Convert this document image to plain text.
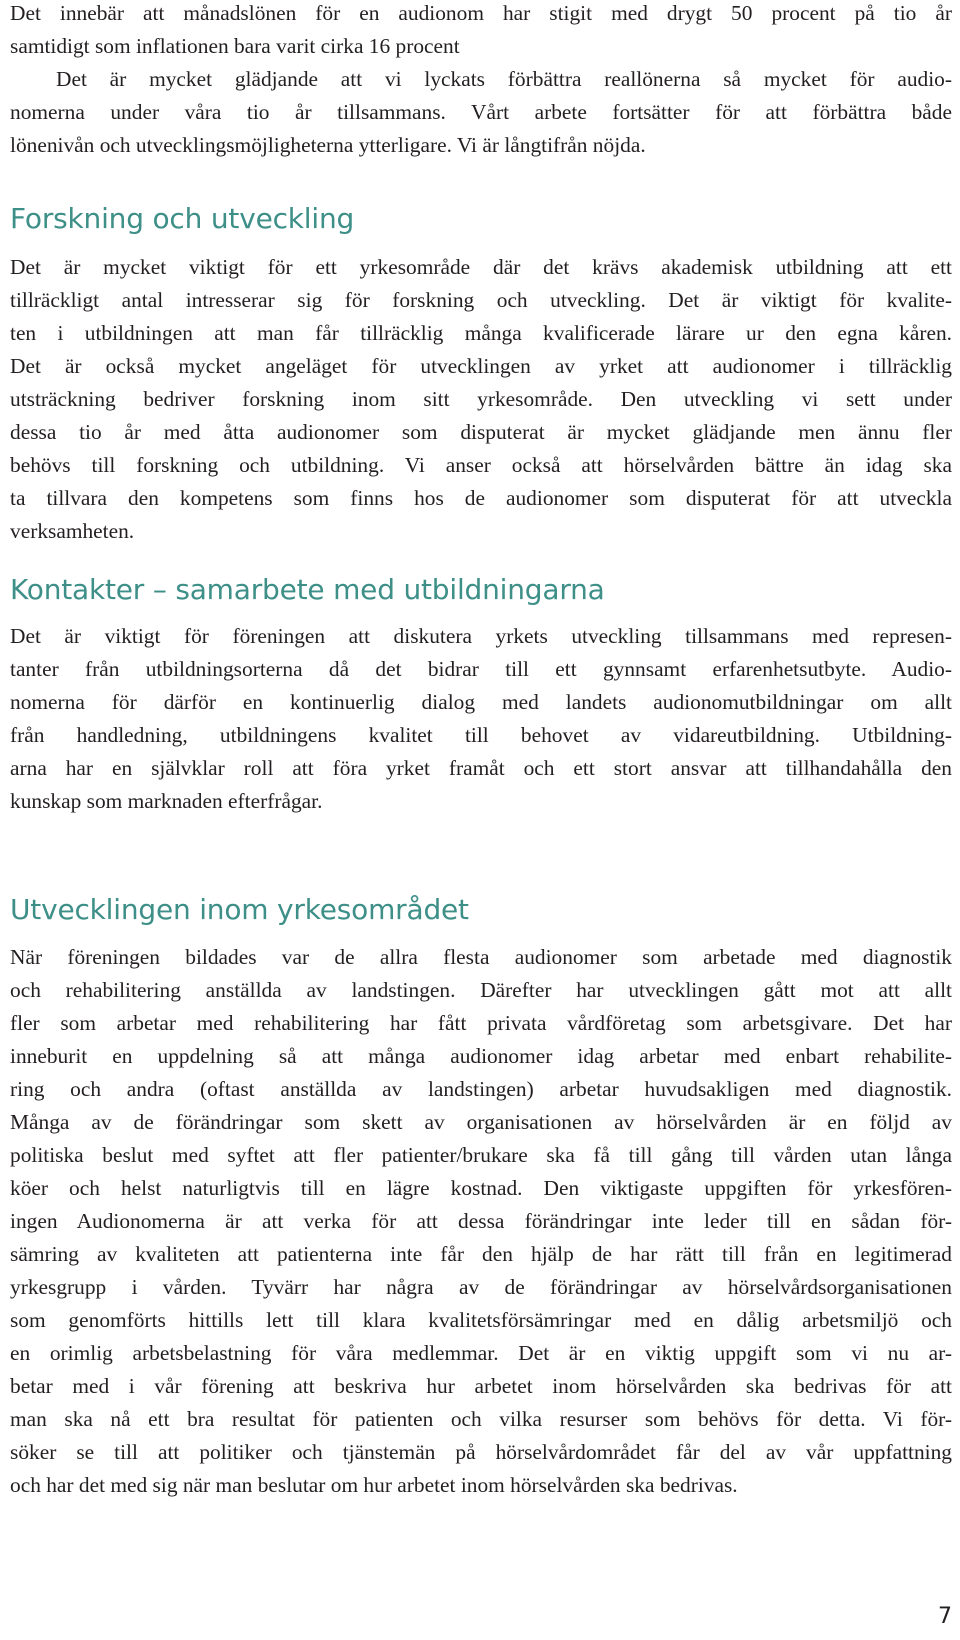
Det innebär att månadslönen för en audionom har stigit med drygt 50 procent på tio år
samtidigt som inflationen bara varit cirka 16 procent
Det är mycket glädjande att vi lyckats förbättra reallönerna så mycket för audio-
nomerna under våra tio år tillsammans. Vårt arbete fortsätter för att förbättra både
lönenivån och utvecklingsmöjligheterna ytterligare. Vi är långtifrån nöjda.
Forskning och utveckling
Det är mycket viktigt för ett yrkesområde där det krävs akademisk utbildning att ett
tillräckligt antal intresserar sig för forskning och utveckling. Det är viktigt för kvalite-
ten i utbildningen att man får tillräcklig många kvalificerade lärare ur den egna kåren.
Det är också mycket angeläget för utvecklingen av yrket att audionomer i tillräcklig
utsträckning bedriver forskning inom sitt yrkesområde. Den utveckling vi sett under
dessa tio år med åtta audionomer som disputerat är mycket glädjande men ännu fler
behövs till forskning och utbildning. Vi anser också att hörselvården bättre än idag ska
ta tillvara den kompetens som finns hos de audionomer som disputerat för att utveckla
verksamheten.
Kontakter – samarbete med utbildningarna
Det är viktigt för föreningen att diskutera yrkets utveckling tillsammans med represen-
tanter från utbildningsorterna då det bidrar till ett gynnsamt erfarenhetsutbyte. Audio-
nomerna för därför en kontinuerlig dialog med landets audionomutbildningar om allt
från handledning, utbildningens kvalitet till behovet av vidareutbildning. Utbildning-
arna har en självklar roll att föra yrket framåt och ett stort ansvar att tillhandahålla den
kunskap som marknaden efterfrågar.
Utvecklingen inom yrkesområdet
När föreningen bildades var de allra flesta audionomer som arbetade med diagnostik
och rehabilitering anställda av landstingen. Därefter har utvecklingen gått mot att allt
fler som arbetar med rehabilitering har fått privata vårdföretag som arbetsgivare. Det har
inneburit en uppdelning så att många audionomer idag arbetar med enbart rehabilite-
ring och andra (oftast anställda av landstingen) arbetar huvudsakligen med diagnostik.
Många av de förändringar som skett av organisationen av hörselvården är en följd av
politiska beslut med syftet att fler patienter/brukare ska få till gång till vården utan långa
köer och helst naturligtvis till en lägre kostnad. Den viktigaste uppgiften för yrkesfören-
ingen Audionomerna är att verka för att dessa förändringar inte leder till en sådan för-
sämring av kvaliteten att patienterna inte får den hjälp de har rätt till från en legitimerad
yrkesgrupp i vården. Tyvärr har några av de förändringar av hörselvårdsorganisationen
som genomförts hittills lett till klara kvalitetsförsämringar med en dålig arbetsmiljö och
en orimlig arbetsbelastning för våra medlemmar. Det är en viktig uppgift som vi nu ar-
betar med i vår förening att beskriva hur arbetet inom hörselvården ska bedrivas för att
man ska nå ett bra resultat för patienten och vilka resurser som behövs för detta. Vi för-
söker se till att politiker och tjänstemän på hörselvårdområdet får del av vår uppfattning
och har det med sig när man beslutar om hur arbetet inom hörselvården ska bedrivas.
7
